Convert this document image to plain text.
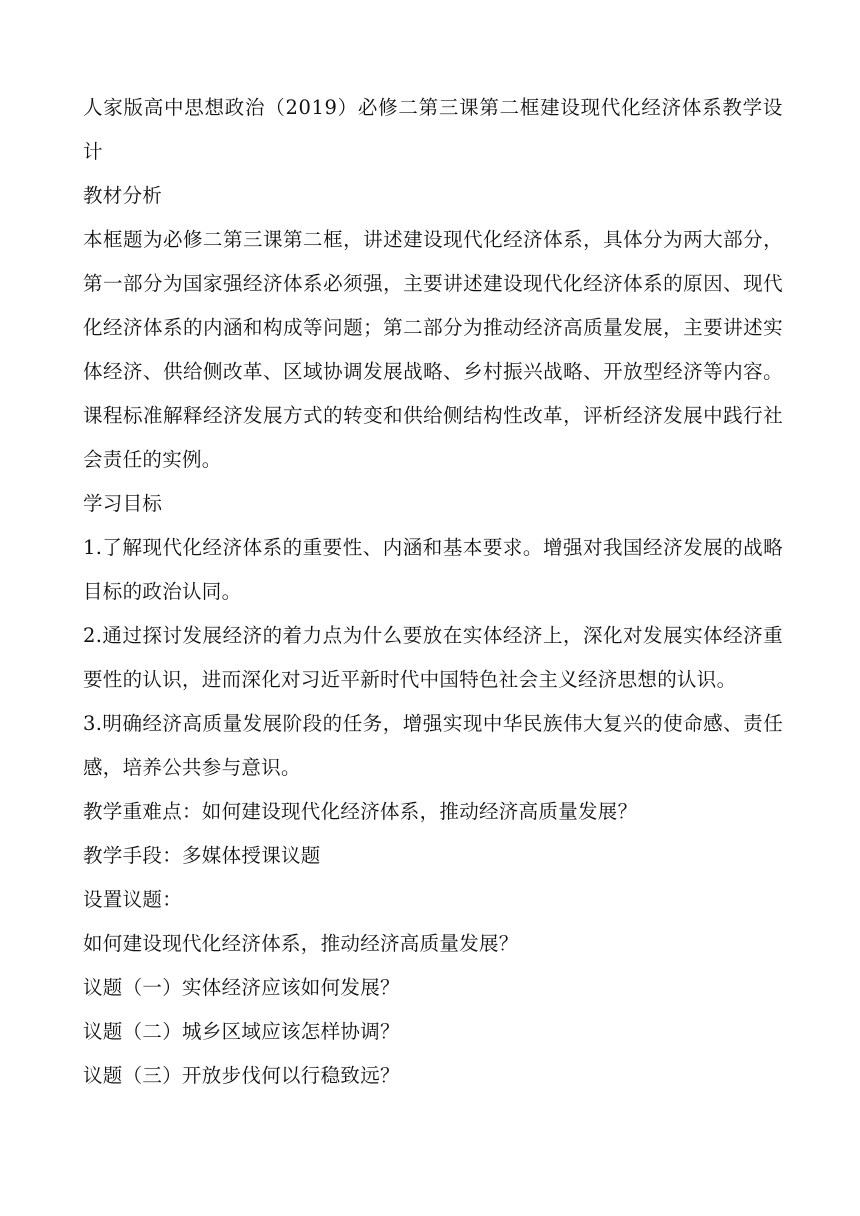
人家版高中思想政治（2019）必修二第三课第二框建设现代化经济体系教学设计

教材分析

本框题为必修二第三课第二框，讲述建设现代化经济体系，具体分为两大部分，第一部分为国家强经济体系必须强，主要讲述建设现代化经济体系的原因、现代化经济体系的内涵和构成等问题；第二部分为推动经济高质量发展，主要讲述实体经济、供给侧改革、区域协调发展战略、乡村振兴战略、开放型经济等内容。课程标准解释经济发展方式的转变和供给侧结构性改革，评析经济发展中践行社会责任的实例。

学习目标

1.了解现代化经济体系的重要性、内涵和基本要求。增强对我国经济发展的战略目标的政治认同。

2.通过探讨发展经济的着力点为什么要放在实体经济上，深化对发展实体经济重要性的认识，进而深化对习近平新时代中国特色社会主义经济思想的认识。

3.明确经济高质量发展阶段的任务，增强实现中华民族伟大复兴的使命感、责任感，培养公共参与意识。

教学重难点：如何建设现代化经济体系，推动经济高质量发展？

教学手段：多媒体授课议题

设置议题：

如何建设现代化经济体系，推动经济高质量发展？

议题（一）实体经济应该如何发展？

议题（二）城乡区域应该怎样协调？

议题（三）开放步伐何以行稳致远？
